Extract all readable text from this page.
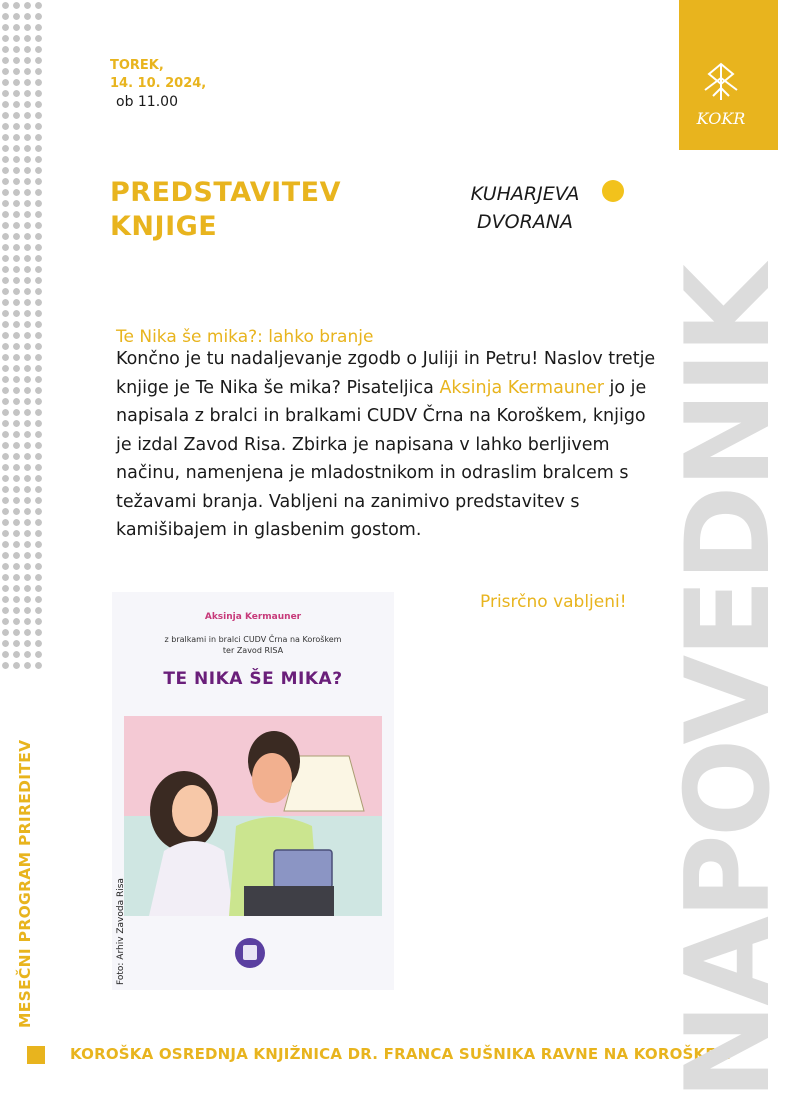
MESEČNI PROGRAM PRIREDITEV
KOROŠKA OSREDNJA KNJIŽNICA DR. FRANCA SUŠNIKA RAVNE NA KOROŠKEM
KOKR
NAPOVEDNIK
TOREK,
14. 10. 2024,
ob 11.00
PREDSTAVITEV
KNJIGE
KUHARJEVA
DVORANA
Te Nika še mika?: lahko branje
Končno je tu nadaljevanje zgodb o Juliji in Petru! Naslov tretje knjige je Te Nika še mika? Pisateljica Aksinja Kermauner jo je napisala z bralci in bralkami CUDV Črna na Koroškem, knjigo je izdal Zavod Risa. Zbirka je napisana v lahko berljivem načinu, namenjena je mladostnikom in odraslim bralcem s težavami branja. Vabljeni na zanimivo predstavitev s kamišibajem in glasbenim gostom.
Prisrčno vabljeni!
Aksinja Kermauner
z bralkami in bralci CUDV Črna na Koroškem
ter Zavod RISA
TE NIKA ŠE MIKA?
Foto: Arhiv Zavoda Risa
